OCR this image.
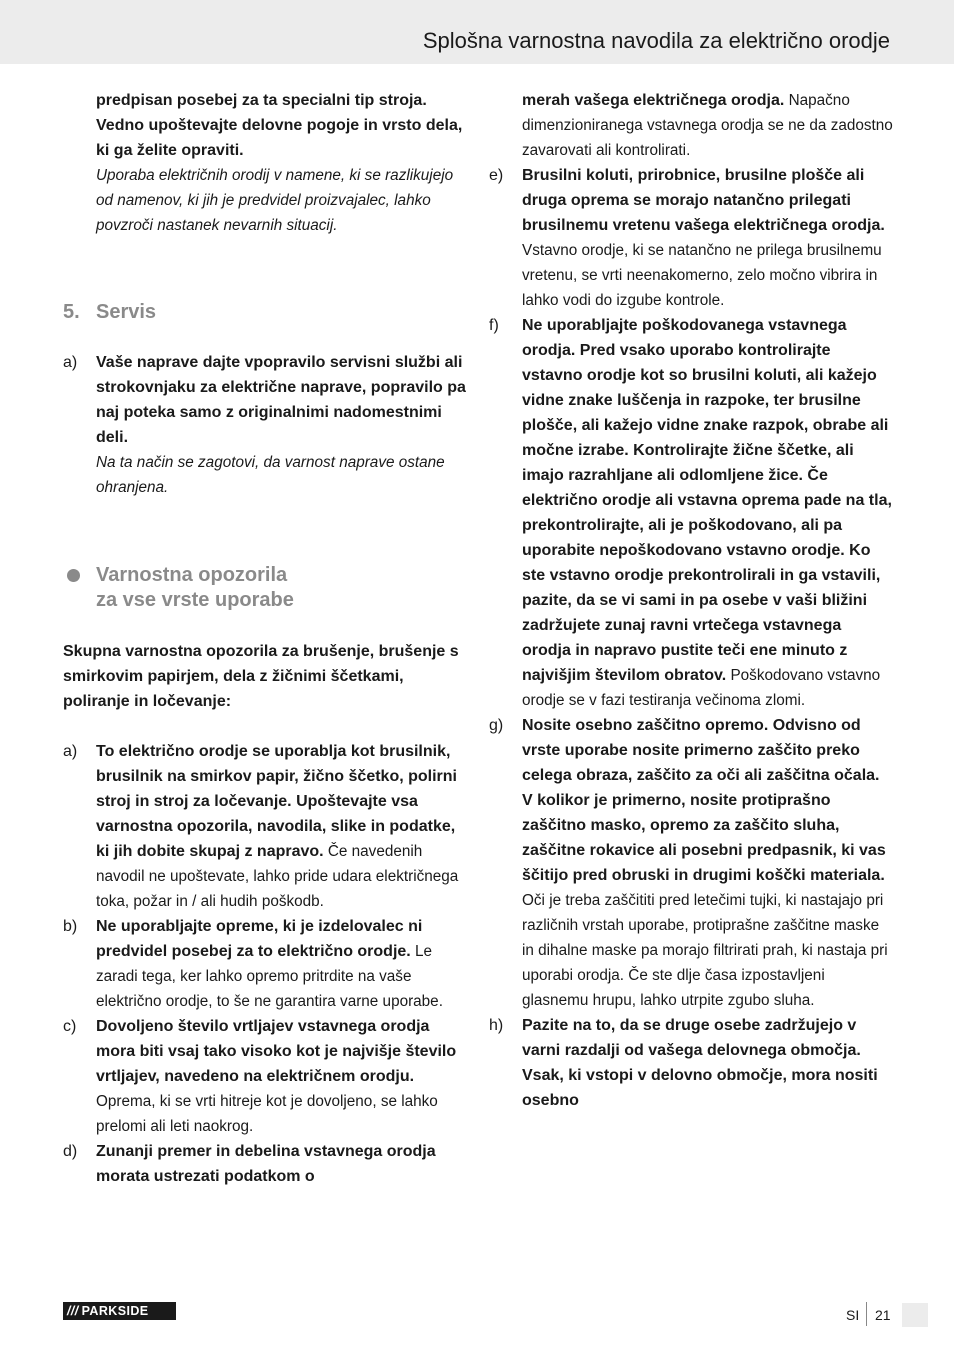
Splošna varnostna navodila za električno orodje

predpisan posebej za ta specialni tip stroja. Vedno upoštevajte delovne pogoje in vrsto dela, ki ga želite opraviti.

Uporaba električnih orodij v namene, ki se razlikujejo od namenov, ki jih je predvidel proizvajalec, lahko povzroči nastanek nevarnih situacij.

5. Servis
a)	Vaše naprave dajte vpopravilo servisni službi ali strokovnjaku za električne naprave, popravilo pa naj poteka samo z originalnimi nadomestnimi deli.

Na ta način se zagotovi, da varnost naprave ostane ohranjena.

Varnostna opozorila
za vse vrste uporabe

Skupna varnostna opozorila za brušenje, brušenje s smirkovim papirjem, dela z žičnimi ščetkami, poliranje in ločevanje:

a)	To električno orodje se uporablja kot brusilnik, brusilnik na smirkov papir, žično ščetko, polirni stroj in stroj za ločevanje. Upoštevajte vsa varnostna opozorila, navodila, slike in podatke, ki jih dobite skupaj z napravo. Če navedenih navodil ne upoštevate, lahko pride udara električnega toka, požar in / ali hudih poškodb.

b)	Ne uporabljajte opreme, ki je izdelovalec ni predvidel posebej za to električno orodje. Le zaradi tega, ker lahko opremo pritrdite na vaše električno orodje, to še ne garantira varne uporabe.

c)	Dovoljeno število vrtljajev vstavnega orodja mora biti vsaj tako visoko kot je najvišje število vrtljajev, navedeno na električnem orodju. Oprema, ki se vrti hitreje kot je dovoljeno, se lahko prelomi ali leti naokrog.

d)	Zunanji premer in debelina vstavnega orodja morata ustrezati podatkom o

merah vašega električnega orodja. Napačno dimenzioniranega vstavnega orodja se ne da zadostno zavarovati ali kontrolirati.

e)	Brusilni koluti, prirobnice, brusilne plošče ali druga oprema se morajo natančno prilegati brusilnemu vretenu vašega električnega orodja. Vstavno orodje, ki se natančno ne prilega brusilnemu vretenu, se vrti neenakomerno, zelo močno vibrira in lahko vodi do izgube kontrole.

f)	Ne uporabljajte poškodovanega vstavnega orodja. Pred vsako uporabo kontrolirajte vstavno orodje kot so brusilni koluti, ali kažejo vidne znake luščenja in razpoke, ter brusilne plošče, ali kažejo vidne znake razpok, obrabe ali močne izrabe. Kontrolirajte žične ščetke, ali imajo razrahljane ali odlomljene žice. Če električno orodje ali vstavna oprema pade na tla, prekontrolirajte, ali je poškodovano, ali pa uporabite nepoškodovano vstavno orodje. Ko ste vstavno orodje prekontrolirali in ga vstavili, pazite, da se vi sami in pa osebe v vaši bližini zadržujete zunaj ravni vrtečega vstavnega orodja in napravo pustite teči ene minuto z najvišjim številom obratov. Poškodovano vstavno orodje se v fazi testiranja večinoma zlomi.

g)	Nosite osebno zaščitno opremo. Odvisno od vrste uporabe nosite primerno zaščito preko celega obraza, zaščito za oči ali zaščitna očala. V kolikor je primerno, nosite protiprašno zaščitno masko, opremo za zaščito sluha, zaščitne rokavice ali posebni predpasnik, ki vas ščitijo pred obruski in drugimi koščki materiala. Oči je treba zaščititi pred letečimi tujki, ki nastajajo pri različnih vrstah uporabe, protiprašne zaščitne maske in dihalne maske pa morajo filtrirati prah, ki nastaja pri uporabi orodja. Če ste dlje časa izpostavljeni glasnemu hrupu, lahko utrpite zgubo sluha.

h)	Pazite na to, da se druge osebe zadržujejo v varni razdalji od vašega delovnega območja. Vsak, ki vstopi v delovno območje, mora nositi osebno

/// PARKSIDE	SI 21
